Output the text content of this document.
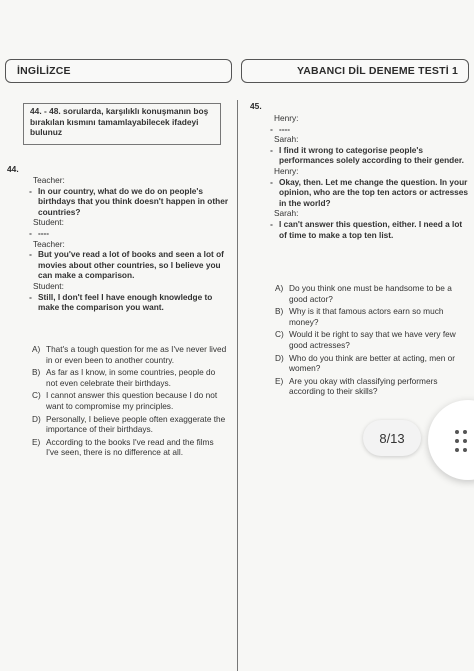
İNGİLİZCE	YABANCI DİL DENEME TESTİ 1
44. - 48. sorularda, karşılıklı konuşmanın boş bırakılan kısmını tamamlayabilecek ifadeyi bulunuz
44.
Teacher:
- In our country, what do we do on people's birthdays that you think doesn't happen in other countries?
Student:
- ----
Teacher:
- But you've read a lot of books and seen a lot of movies about other countries, so I believe you can make a comparison.
Student:
- Still, I don't feel I have enough knowledge to make the comparison you want.
A) That's a tough question for me as I've never lived in or even been to another country.
B) As far as I know, in some countries, people do not even celebrate their birthdays.
C) I cannot answer this question because I do not want to compromise my principles.
D) Personally, I believe people often exaggerate the importance of their birthdays.
E) According to the books I've read and the films I've seen, there is no difference at all.
45.
Henry:
- ----
Sarah:
- I find it wrong to categorise people's performances solely according to their gender.
Henry:
- Okay, then. Let me change the question. In your opinion, who are the top ten actors or actresses in the world?
Sarah:
- I can't answer this question, either. I need a lot of time to make a top ten list.
A) Do you think one must be handsome to be a good actor?
B) Why is it that famous actors earn so much money?
C) Would it be right to say that we have very few good actresses?
D) Who do you think are better at acting, men or women?
E) Are you okay with classifying performers according to their skills?
8/13
